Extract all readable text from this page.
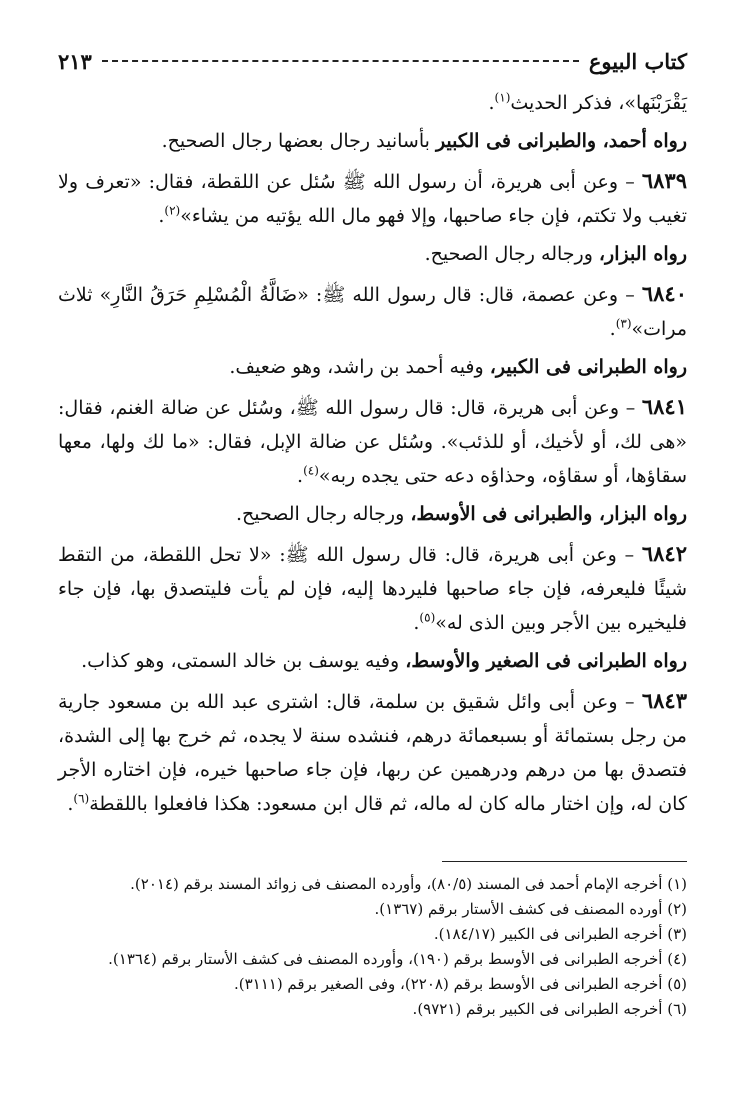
كتاب البيوع
٢١٣

يَقْرَبْنَها»، فذكر الحديث$^{(١)}$.

رواه أحمد، والطبرانى فى الكبير بأسانيد رجال بعضها رجال الصحيح.

٦٨٣٩ – وعن أبى هريرة، أن رسول الله ﷺ سُئل عن اللقطة، فقال: «تعرف ولا تغيب ولا تكتم، فإن جاء صاحبها، وإلا فهو مال الله يؤتيه من يشاء»$^{(٢)}$.

رواه البزار، ورجاله رجال الصحيح.

٦٨٤٠ – وعن عصمة، قال: قال رسول الله ﷺ: «ضَالَّةُ الْمُسْلِمِ حَرَقُ النَّارِ» ثلاث مرات»$^{(٣)}$.

رواه الطبرانى فى الكبير، وفيه أحمد بن راشد، وهو ضعيف.

٦٨٤١ – وعن أبى هريرة، قال: قال رسول الله ﷺ، وسُئل عن ضالة الغنم، فقال: «هى لك، أو لأخيك، أو للذئب». وسُئل عن ضالة الإبل، فقال: «ما لك ولها، معها سقاؤها، أو سقاؤه، وحذاؤه دعه حتى يجده ربه»$^{(٤)}$.

رواه البزار، والطبرانى فى الأوسط، ورجاله رجال الصحيح.

٦٨٤٢ – وعن أبى هريرة، قال: قال رسول الله ﷺ: «لا تحل اللقطة، من التقط شيئًا فليعرفه، فإن جاء صاحبها فليردها إليه، فإن لم يأت فليتصدق بها، فإن جاء فليخيره بين الأجر وبين الذى له»$^{(٥)}$.

رواه الطبرانى فى الصغير والأوسط، وفيه يوسف بن خالد السمتى، وهو كذاب.

٦٨٤٣ – وعن أبى وائل شقيق بن سلمة، قال: اشترى عبد الله بن مسعود جارية من رجل بستمائة أو بسبعمائة درهم، فنشده سنة لا يجده، ثم خرج بها إلى الشدة، فتصدق بها من درهم ودرهمين عن ربها، فإن جاء صاحبها خيره، فإن اختاره الأجر كان له، وإن اختار ماله كان له ماله، ثم قال ابن مسعود: هكذا فافعلوا باللقطة$^{(٦)}$.

(١) أخرجه الإمام أحمد فى المسند (٨٠/٥)، وأورده المصنف فى زوائد المسند برقم (٢٠١٤).

(٢) أورده المصنف فى كشف الأستار برقم (١٣٦٧).

(٣) أخرجه الطبرانى فى الكبير (١٨٤/١٧).

(٤) أخرجه الطبرانى فى الأوسط برقم (١٩٠)، وأورده المصنف فى كشف الأستار برقم (١٣٦٤).

(٥) أخرجه الطبرانى فى الأوسط برقم (٢٢٠٨)، وفى الصغير برقم (٣١١١).

(٦) أخرجه الطبرانى فى الكبير برقم (٩٧٢١).
